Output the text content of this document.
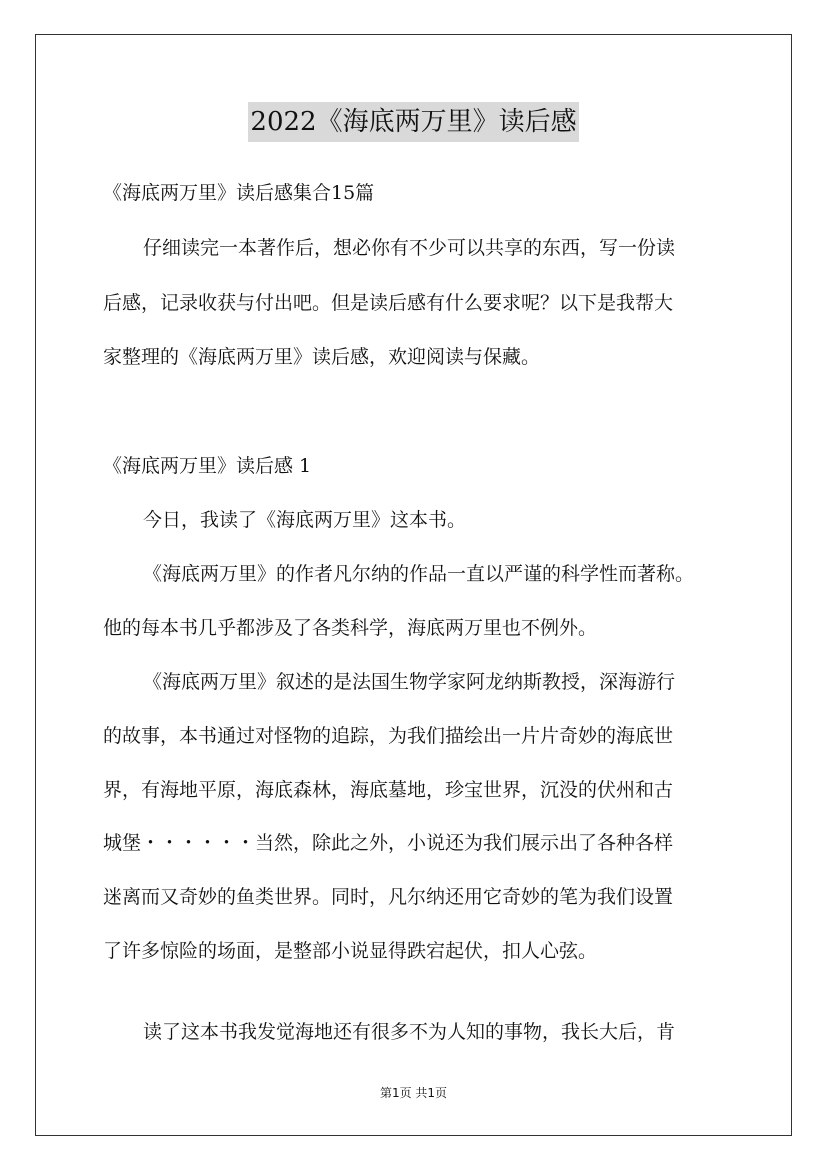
2022《海底两万里》读后感
《海底两万里》读后感集合15篇
仔细读完一本著作后，想必你有不少可以共享的东西，写一份读
后感，记录收获与付出吧。但是读后感有什么要求呢？以下是我帮大
家整理的《海底两万里》读后感，欢迎阅读与保藏。
《海底两万里》读后感 1
今日，我读了《海底两万里》这本书。
《海底两万里》的作者凡尔纳的作品一直以严谨的科学性而著称。
他的每本书几乎都涉及了各类科学，海底两万里也不例外。
《海底两万里》叙述的是法国生物学家阿龙纳斯教授，深海游行
的故事，本书通过对怪物的追踪，为我们描绘出一片片奇妙的海底世
界，有海地平原，海底森林，海底墓地，珍宝世界，沉没的伏州和古
城堡・・・・・・当然，除此之外，小说还为我们展示出了各种各样
迷离而又奇妙的鱼类世界。同时，凡尔纳还用它奇妙的笔为我们设置
了许多惊险的场面，是整部小说显得跌宕起伏，扣人心弦。
读了这本书我发觉海地还有很多不为人知的事物，我长大后，肯
第1页 共1页
